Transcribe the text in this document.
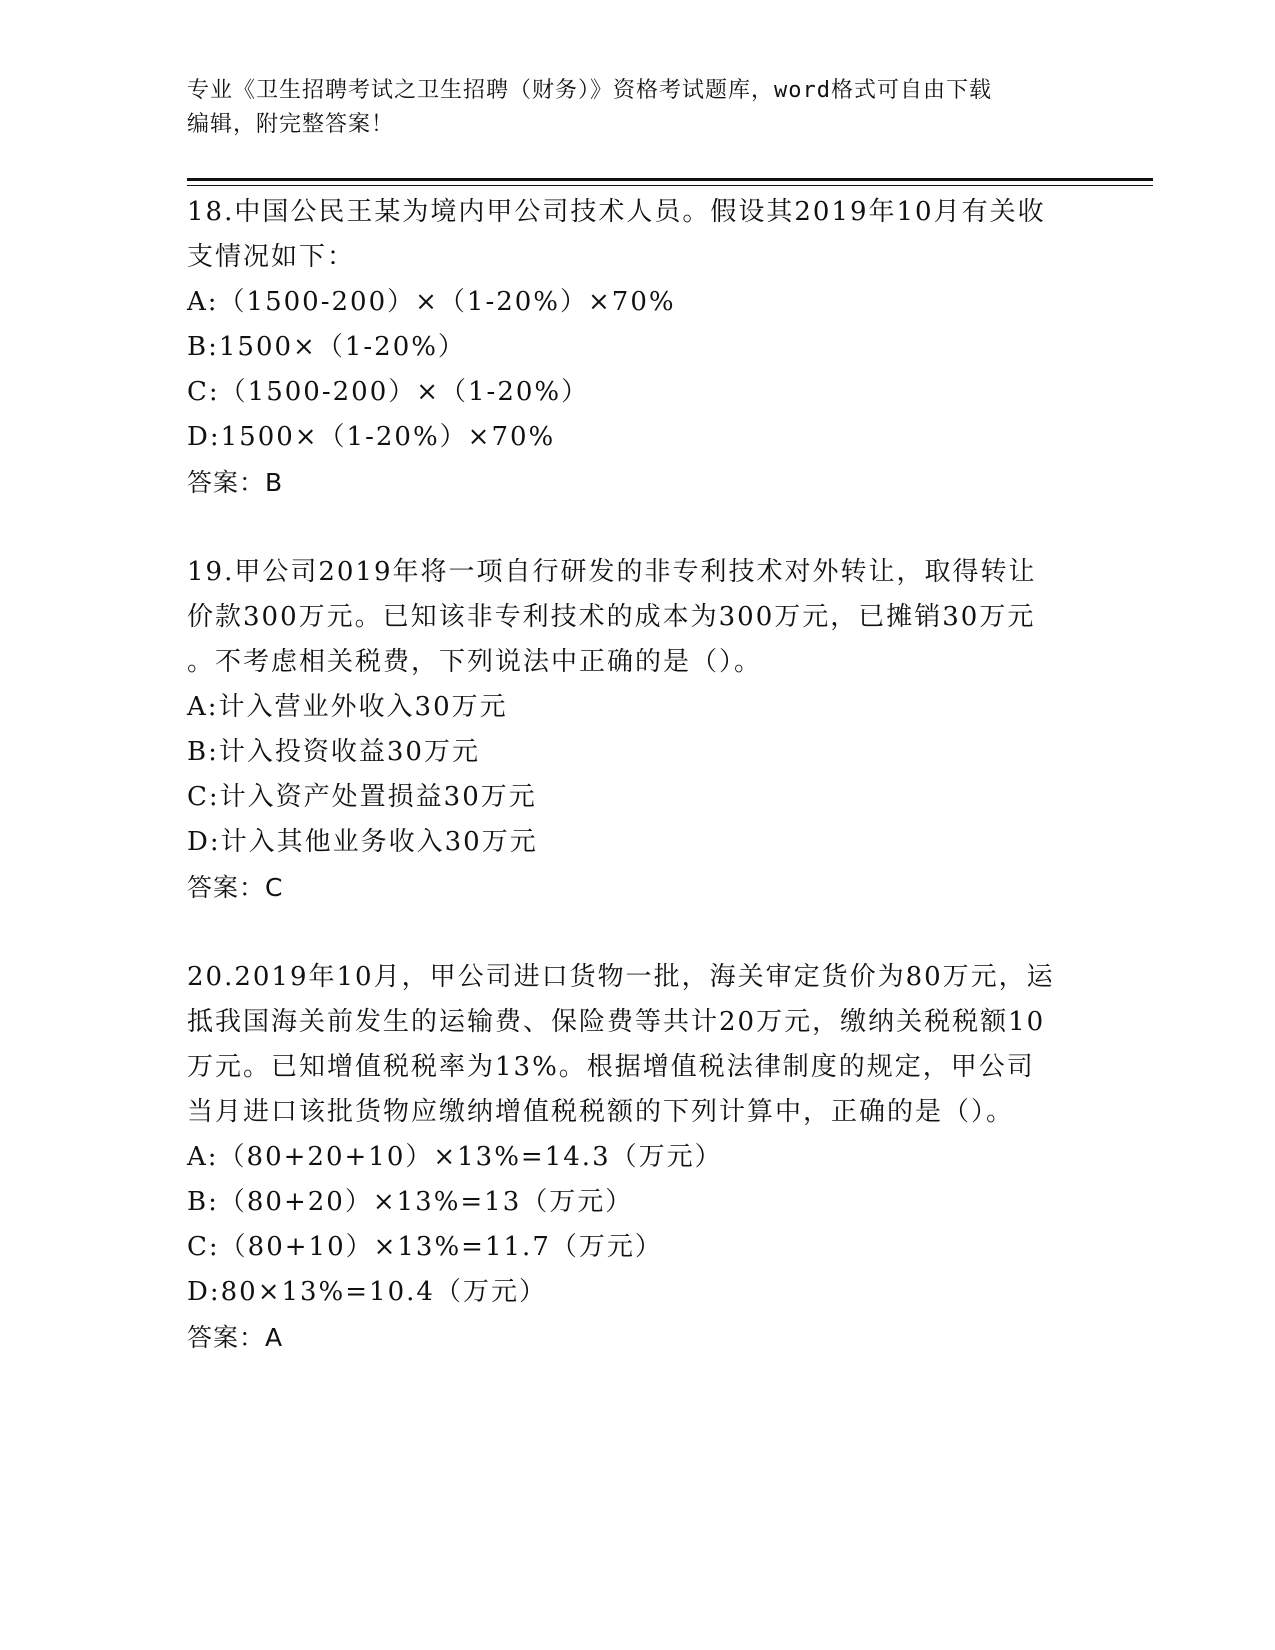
专业《卫生招聘考试之卫生招聘（财务）》资格考试题库，word格式可自由下载
编辑，附完整答案！
18.中国公民王某为境内甲公司技术人员。假设其2019年10月有关收
支情况如下：
A:（1500-200）×（1-20%）×70%
B:1500×（1-20%）
C:（1500-200）×（1-20%）
D:1500×（1-20%）×70%
答案：B
19.甲公司2019年将一项自行研发的非专利技术对外转让，取得转让
价款300万元。已知该非专利技术的成本为300万元，已摊销30万元
。不考虑相关税费，下列说法中正确的是（）。
A:计入营业外收入30万元
B:计入投资收益30万元
C:计入资产处置损益30万元
D:计入其他业务收入30万元
答案：C
20.2019年10月，甲公司进口货物一批，海关审定货价为80万元，运
抵我国海关前发生的运输费、保险费等共计20万元，缴纳关税税额10
万元。已知增值税税率为13%。根据增值税法律制度的规定，甲公司
当月进口该批货物应缴纳增值税税额的下列计算中，正确的是（）。
A:（80+20+10）×13%=14.3（万元）
B:（80+20）×13%=13（万元）
C:（80+10）×13%=11.7（万元）
D:80×13%=10.4（万元）
答案：A
